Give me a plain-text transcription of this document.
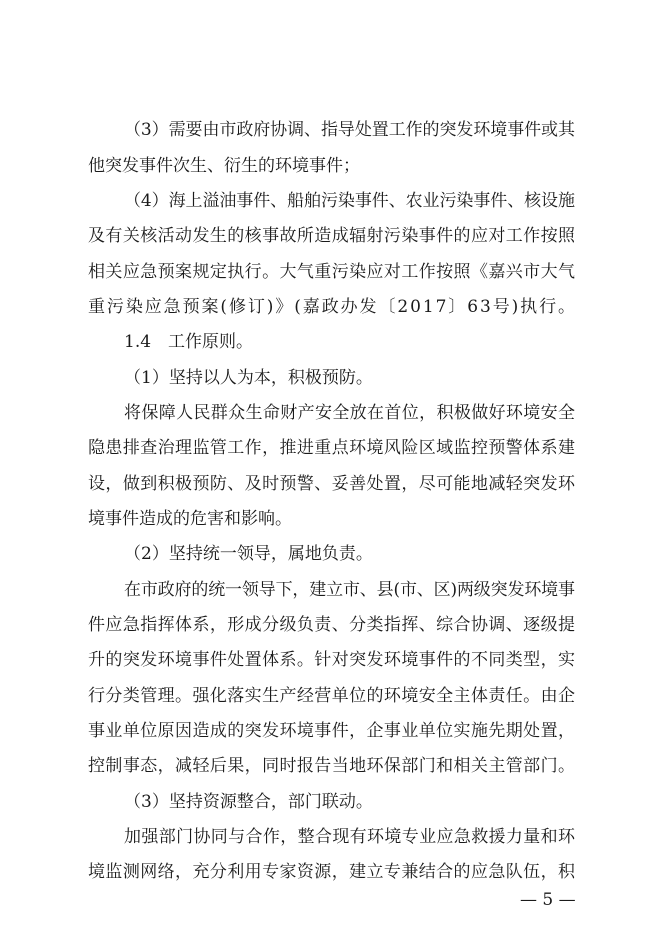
（3）需要由市政府协调、指导处置工作的突发环境事件或其
他突发事件次生、衍生的环境事件；
（4）海上溢油事件、船舶污染事件、农业污染事件、核设施
及有关核活动发生的核事故所造成辐射污染事件的应对工作按照
相关应急预案规定执行。大气重污染应对工作按照《嘉兴市大气
重污染应急预案(修订)》(嘉政办发〔2017〕63号)执行。
1.4　工作原则。
（1）坚持以人为本，积极预防。
将保障人民群众生命财产安全放在首位，积极做好环境安全
隐患排查治理监管工作，推进重点环境风险区域监控预警体系建
设，做到积极预防、及时预警、妥善处置，尽可能地减轻突发环
境事件造成的危害和影响。
（2）坚持统一领导，属地负责。
在市政府的统一领导下，建立市、县(市、区)两级突发环境事
件应急指挥体系，形成分级负责、分类指挥、综合协调、逐级提
升的突发环境事件处置体系。针对突发环境事件的不同类型，实
行分类管理。强化落实生产经营单位的环境安全主体责任。由企
事业单位原因造成的突发环境事件，企事业单位实施先期处置，
控制事态，减轻后果，同时报告当地环保部门和相关主管部门。
（3）坚持资源整合，部门联动。
加强部门协同与合作，整合现有环境专业应急救援力量和环
境监测网络，充分利用专家资源，建立专兼结合的应急队伍，积
— 5 —
